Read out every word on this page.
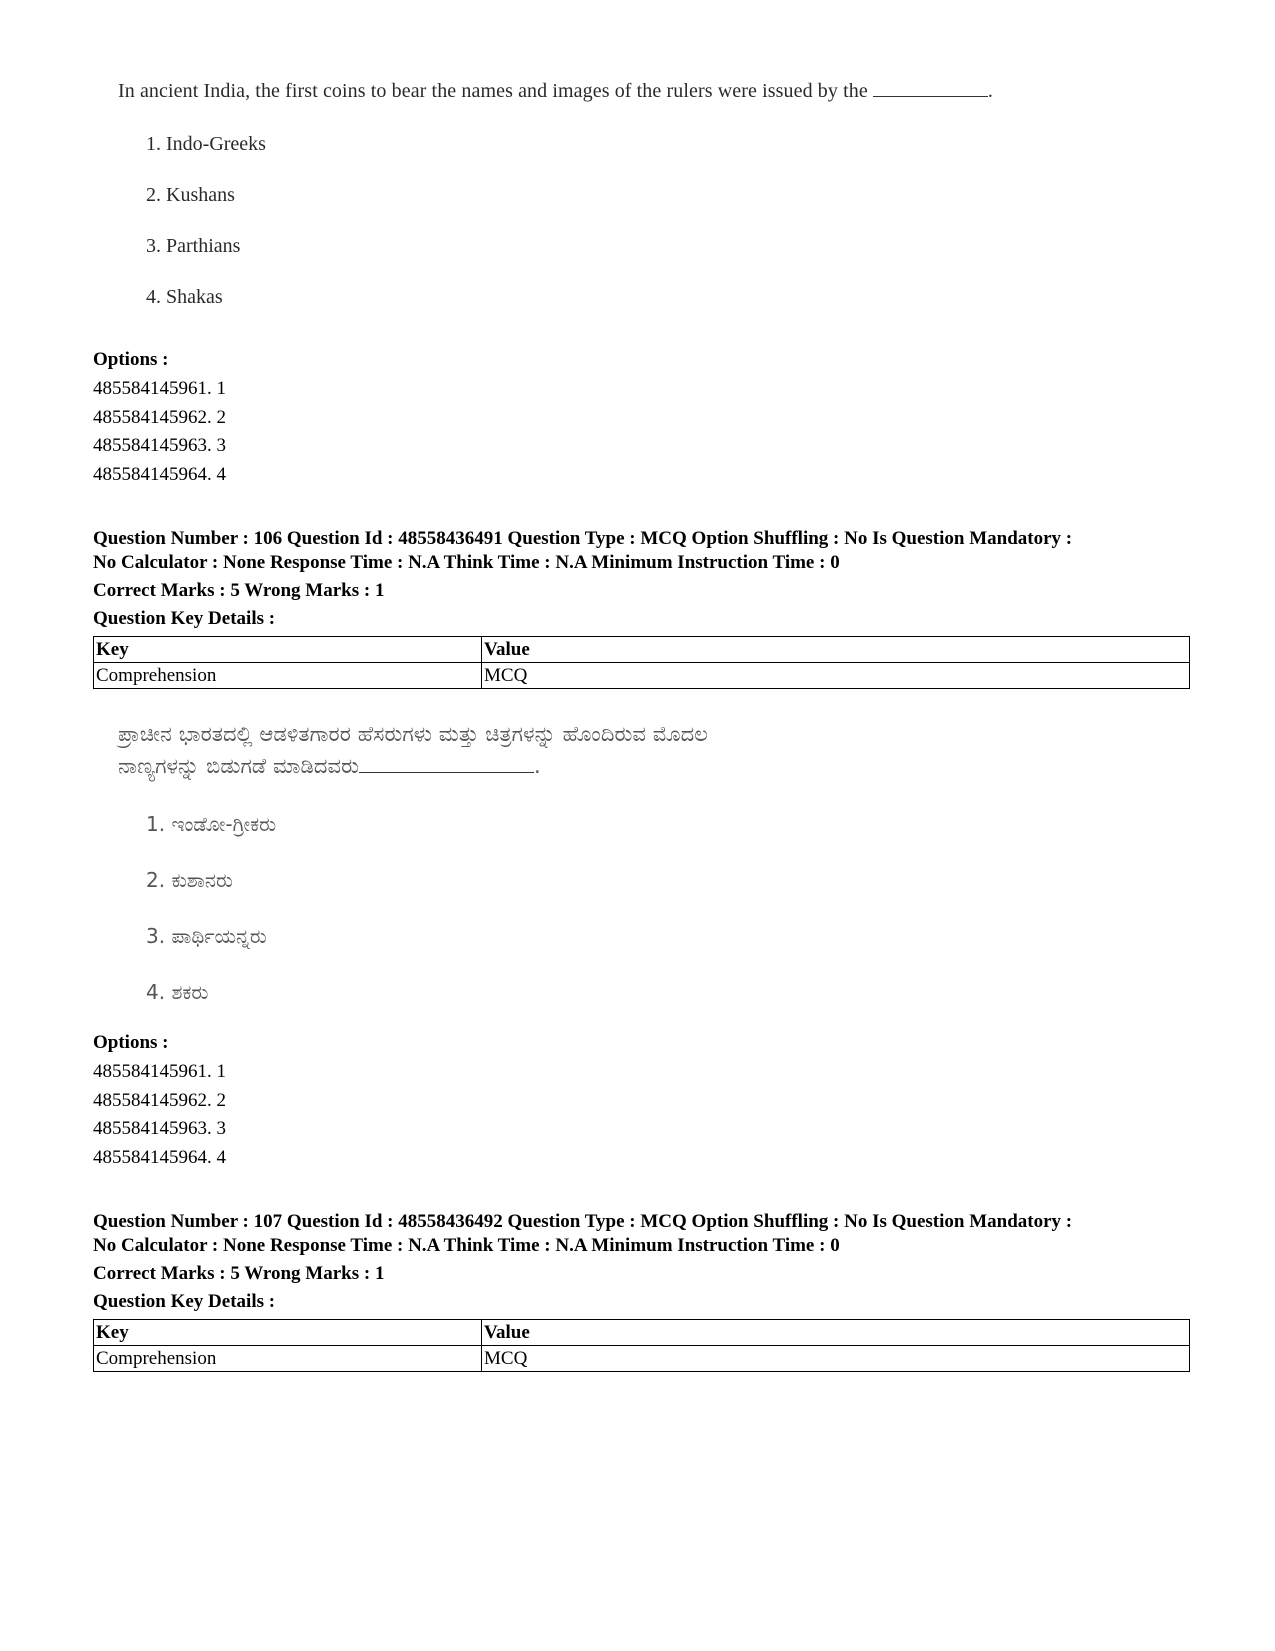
In ancient India, the first coins to bear the names and images of the rulers were issued by the	.
1. Indo-Greeks
2. Kushans
3. Parthians
4. Shakas
Options :
485584145961. 1
485584145962. 2
485584145963. 3
485584145964. 4
Question Number : 106 Question Id : 48558436491 Question Type : MCQ Option Shuffling : No Is Question Mandatory :
No Calculator : None Response Time : N.A Think Time : N.A Minimum Instruction Time : 0
Correct Marks : 5 Wrong Marks : 1
Question Key Details :
Key	Value
Comprehension	MCQ
ಪ್ರಾಚೀನ ಭಾರತದಲ್ಲಿ ಆಡಳಿತಗಾರರ ಹೆಸರುಗಳು ಮತ್ತು ಚಿತ್ರಗಳನ್ನು ಹೊಂದಿರುವ ಮೊದಲ
ನಾಣ್ಯಗಳನ್ನು ಬಿಡುಗಡೆ ಮಾಡಿದವರು	.
1. ಇಂಡೋ-ಗ್ರೀಕರು
2. ಕುಶಾನರು
3. ಪಾರ್ಥಿಯನ್ನರು
4. ಶಕರು
Options :
485584145961. 1
485584145962. 2
485584145963. 3
485584145964. 4
Question Number : 107 Question Id : 48558436492 Question Type : MCQ Option Shuffling : No Is Question Mandatory :
No Calculator : None Response Time : N.A Think Time : N.A Minimum Instruction Time : 0
Correct Marks : 5 Wrong Marks : 1
Question Key Details :
Key	Value
Comprehension	MCQ
